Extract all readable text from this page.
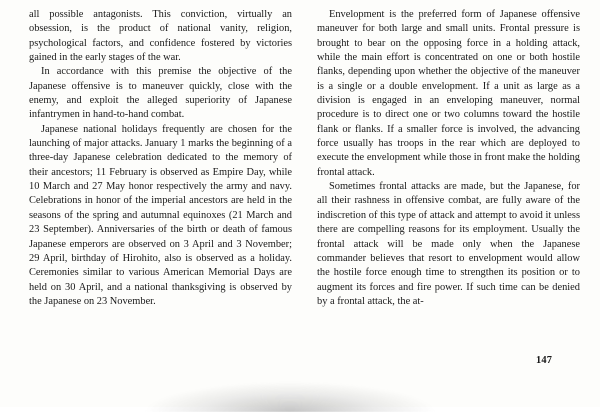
all possible antagonists. This conviction, virtually an obsession, is the product of national vanity, religion, psychological factors, and confidence fostered by victories gained in the early stages of the war.

In accordance with this premise the objective of the Japanese offensive is to maneuver quickly, close with the enemy, and exploit the alleged superiority of Japanese infantrymen in hand-to-hand combat.

Japanese national holidays frequently are chosen for the launching of major attacks. January 1 marks the beginning of a three-day Japanese celebration dedicated to the memory of their ancestors; 11 February is observed as Empire Day, while 10 March and 27 May honor respectively the army and navy. Celebrations in honor of the imperial ancestors are held in the seasons of the spring and autumnal equinoxes (21 March and 23 September). Anniversaries of the birth or death of famous Japanese emperors are observed on 3 April and 3 November; 29 April, birthday of Hirohito, also is observed as a holiday. Ceremonies similar to various American Memorial Days are held on 30 April, and a national thanksgiving is observed by the Japanese on 23 November.

Envelopment is the preferred form of Japanese offensive maneuver for both large and small units. Frontal pressure is brought to bear on the opposing force in a holding attack, while the main effort is concentrated on one or both hostile flanks, depending upon whether the objective of the maneuver is a single or a double envelopment. If a unit as large as a division is engaged in an enveloping maneuver, normal procedure is to direct one or two columns toward the hostile flank or flanks. If a smaller force is involved, the advancing force usually has troops in the rear which are deployed to execute the envelopment while those in front make the holding frontal attack.

Sometimes frontal attacks are made, but the Japanese, for all their rashness in offensive combat, are fully aware of the indiscretion of this type of attack and attempt to avoid it unless there are compelling reasons for its employment. Usually the frontal attack will be made only when the Japanese commander believes that resort to envelopment would allow the hostile force enough time to strengthen its position or to augment its forces and fire power. If such time can be denied by a frontal attack, the at-

147
